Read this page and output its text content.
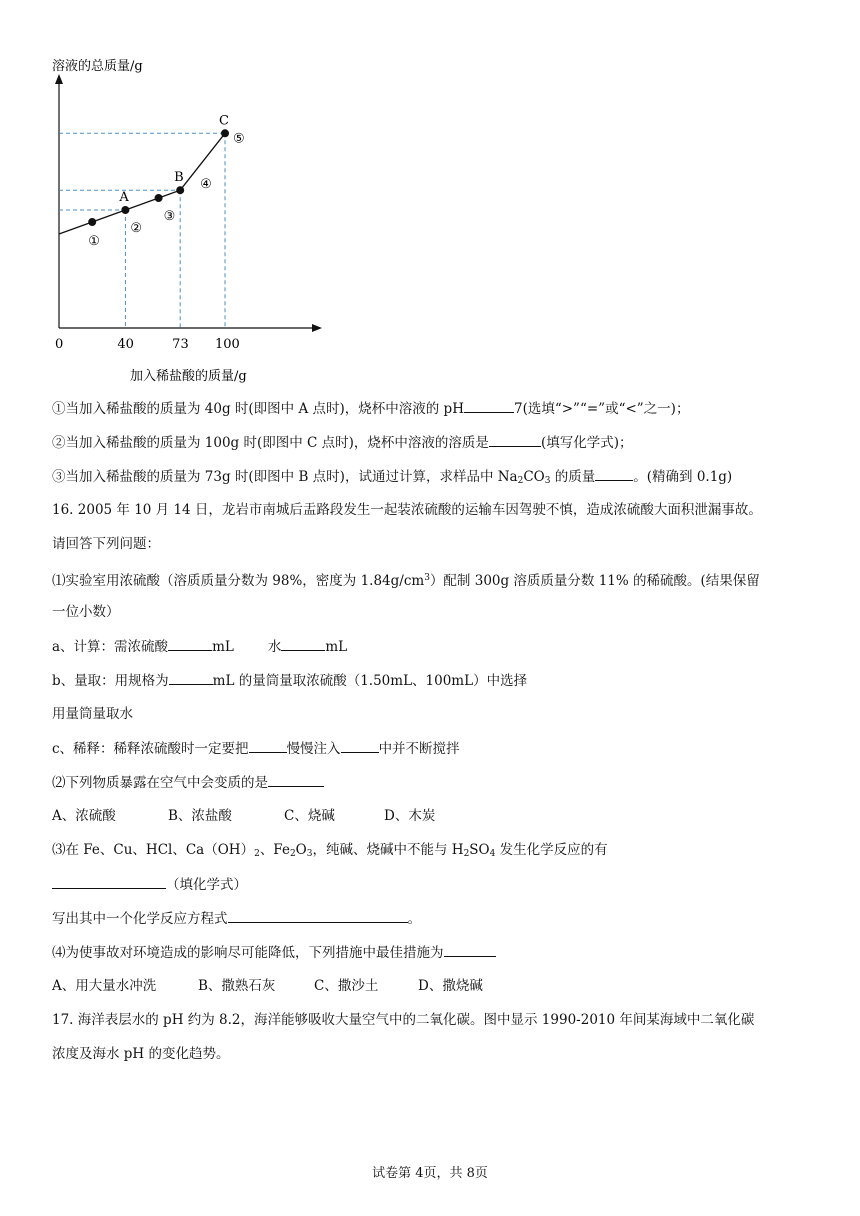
溶液的总质量/g
①
A
②
③
B ④
C
⑤
0	40	73 100
加入稀盐酸的质量/g
①当加入稀盐酸的质量为 40g 时(即图中 A 点时)，烧杯中溶液的 pH	7(选填“>”“=”或“<”之一)；
②当加入稀盐酸的质量为 100g 时(即图中 C 点时)，烧杯中溶液的溶质是	(填写化学式)；
③当加入稀盐酸的质量为 73g 时(即图中 B 点时)，试通过计算，求样品中 $Na_2CO_3$ 的质量	。(精确到 0.1g)
16. 2005 年 10 月 14 日，龙岩市南城后盂路段发生一起装浓硫酸的运输车因驾驶不慎，造成浓硫酸大面积泄漏事故。
请回答下列问题：
⑴实验室用浓硫酸（溶质质量分数为 98%，密度为 $1.84g/cm^3$）配制 300g 溶质质量分数 11% 的稀硫酸。(结果保留
一位小数）
a、计算：需浓硫酸	mL	水	mL
b、量取：用规格为	mL 的量筒量取浓硫酸（1.50mL、100mL）中选择
用量筒量取水
c、稀释：稀释浓硫酸时一定要把	慢慢注入	中并不断搅拌
⑵下列物质暴露在空气中会变质的是
A、浓硫酸	B、浓盐酸	C、烧碱	D、木炭
⑶在 Fe、Cu、HCl、$Ca(OH)_2$、$Fe_2O_3$，纯碱、烧碱中不能与 $H_2SO_4$ 发生化学反应的有
（填化学式）
写出其中一个化学反应方程式	。
⑷为使事故对环境造成的影响尽可能降低，下列措施中最佳措施为
A、用大量水冲洗	B、撒熟石灰	C、撒沙土	D、撒烧碱
17. 海洋表层水的 pH 约为 8.2，海洋能够吸收大量空气中的二氧化碳。图中显示 1990-2010 年间某海域中二氧化碳
浓度及海水 pH 的变化趋势。
试卷第 4页，共 8页
